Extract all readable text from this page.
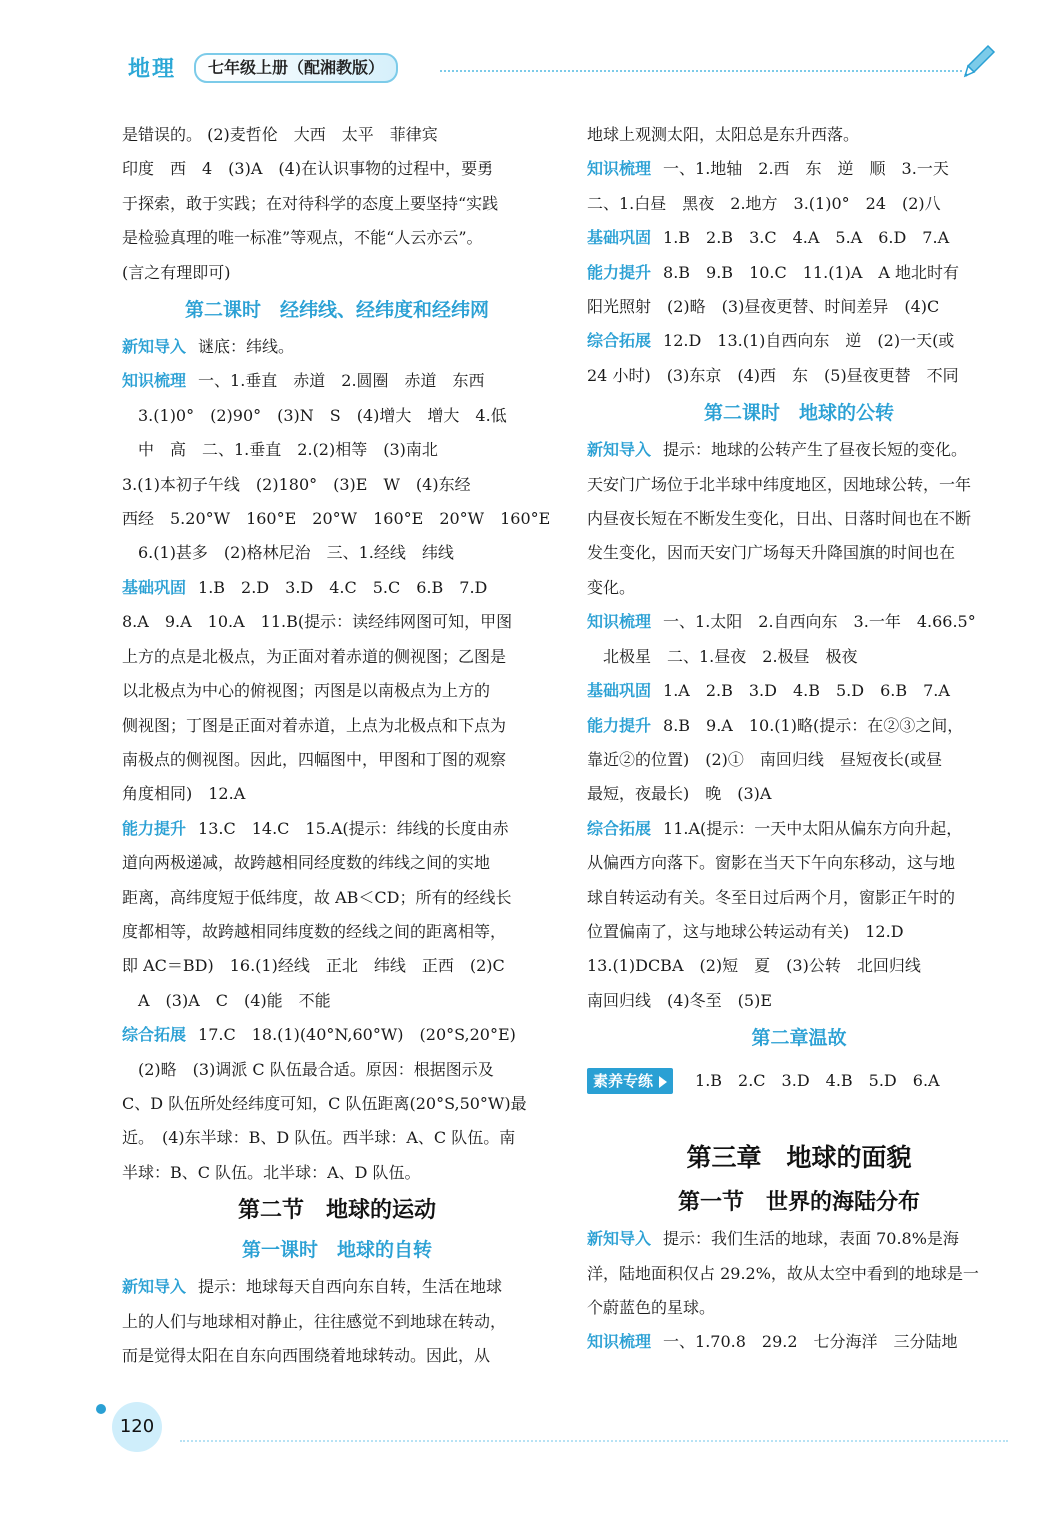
地理	七年级上册（配湘教版）
是错误的。 (2)麦哲伦　大西　太平　菲律宾
印度　西　4　(3)A　(4)在认识事物的过程中，要勇
于探索，敢于实践；在对待科学的态度上要坚持“实践
是检验真理的唯一标准”等观点，不能“人云亦云”。
(言之有理即可)
第二课时　经纬线、经纬度和经纬网
新知导入 谜底：纬线。
知识梳理 一、1.垂直　赤道　2.圆圈　赤道　东西
　3.(1)0°　(2)90°　(3)N　S　(4)增大　增大　4.低
　中　高　二、1.垂直　2.(2)相等　(3)南北
3.(1)本初子午线　(2)180°　(3)E　W　(4)东经
西经　5.20°W　160°E　20°W　160°E　20°W　160°E
　6.(1)甚多　(2)格林尼治　三、1.经线　纬线
基础巩固 1.B　2.D　3.D　4.C　5.C　6.B　7.D
8.A　9.A　10.A　11.B(提示：读经纬网图可知，甲图
上方的点是北极点，为正面对着赤道的侧视图；乙图是
以北极点为中心的俯视图；丙图是以南极点为上方的
侧视图；丁图是正面对着赤道，上点为北极点和下点为
南极点的侧视图。因此，四幅图中，甲图和丁图的观察
角度相同)　12.A
能力提升 13.C　14.C　15.A(提示：纬线的长度由赤
道向两极递减，故跨越相同经度数的纬线之间的实地
距离，高纬度短于低纬度，故 AB＜CD；所有的经线长
度都相等，故跨越相同纬度数的经线之间的距离相等，
即 AC＝BD)　16.(1)经线　正北　纬线　正西　(2)C
　A　(3)A　C　(4)能　不能
综合拓展 17.C　18.(1)(40°N,60°W)　(20°S,20°E)
　(2)略　(3)调派 C 队伍最合适。原因：根据图示及
C、D 队伍所处经纬度可知，C 队伍距离(20°S,50°W)最
近。　(4)东半球：B、D 队伍。西半球：A、C 队伍。南
半球：B、C 队伍。北半球：A、D 队伍。
第二节　地球的运动
第一课时　地球的自转
新知导入 提示：地球每天自西向东自转，生活在地球
上的人们与地球相对静止，往往感觉不到地球在转动，
而是觉得太阳在自东向西围绕着地球转动。因此，从
地球上观测太阳，太阳总是东升西落。
知识梳理 一、1.地轴　2.西　东　逆　顺　3.一天
二、1.白昼　黑夜　2.地方　3.(1)0°　24　(2)八
基础巩固 1.B　2.B　3.C　4.A　5.A　6.D　7.A
能力提升 8.B　9.B　10.C　11.(1)A　A 地北时有
阳光照射　(2)略　(3)昼夜更替、时间差异　(4)C
综合拓展 12.D　13.(1)自西向东　逆　(2)一天(或
24 小时)　(3)东京　(4)西　东　(5)昼夜更替　不同
第二课时　地球的公转
新知导入 提示：地球的公转产生了昼夜长短的变化。
天安门广场位于北半球中纬度地区，因地球公转，一年
内昼夜长短在不断发生变化，日出、日落时间也在不断
发生变化，因而天安门广场每天升降国旗的时间也在
变化。
知识梳理 一、1.太阳　2.自西向东　3.一年　4.66.5°
　北极星　二、1.昼夜　2.极昼　极夜
基础巩固 1.A　2.B　3.D　4.B　5.D　6.B　7.A
能力提升 8.B　9.A　10.(1)略(提示：在②③之间，
靠近②的位置)　(2)①　南回归线　昼短夜长(或昼
最短，夜最长)　晚　(3)A
综合拓展 11.A(提示：一天中太阳从偏东方向升起，
从偏西方向落下。窗影在当天下午向东移动，这与地
球自转运动有关。冬至日过后两个月，窗影正午时的
位置偏南了，这与地球公转运动有关)　12.D
13.(1)DCBA　(2)短　夏　(3)公转　北回归线
南回归线　(4)冬至　(5)E
第二章温故
素养专练	1.B　2.C　3.D　4.B　5.D　6.A
第三章　地球的面貌
第一节　世界的海陆分布
新知导入 提示：我们生活的地球，表面 70.8%是海
洋，陆地面积仅占 29.2%，故从太空中看到的地球是一
个蔚蓝色的星球。
知识梳理 一、1.70.8　29.2　七分海洋　三分陆地
120
